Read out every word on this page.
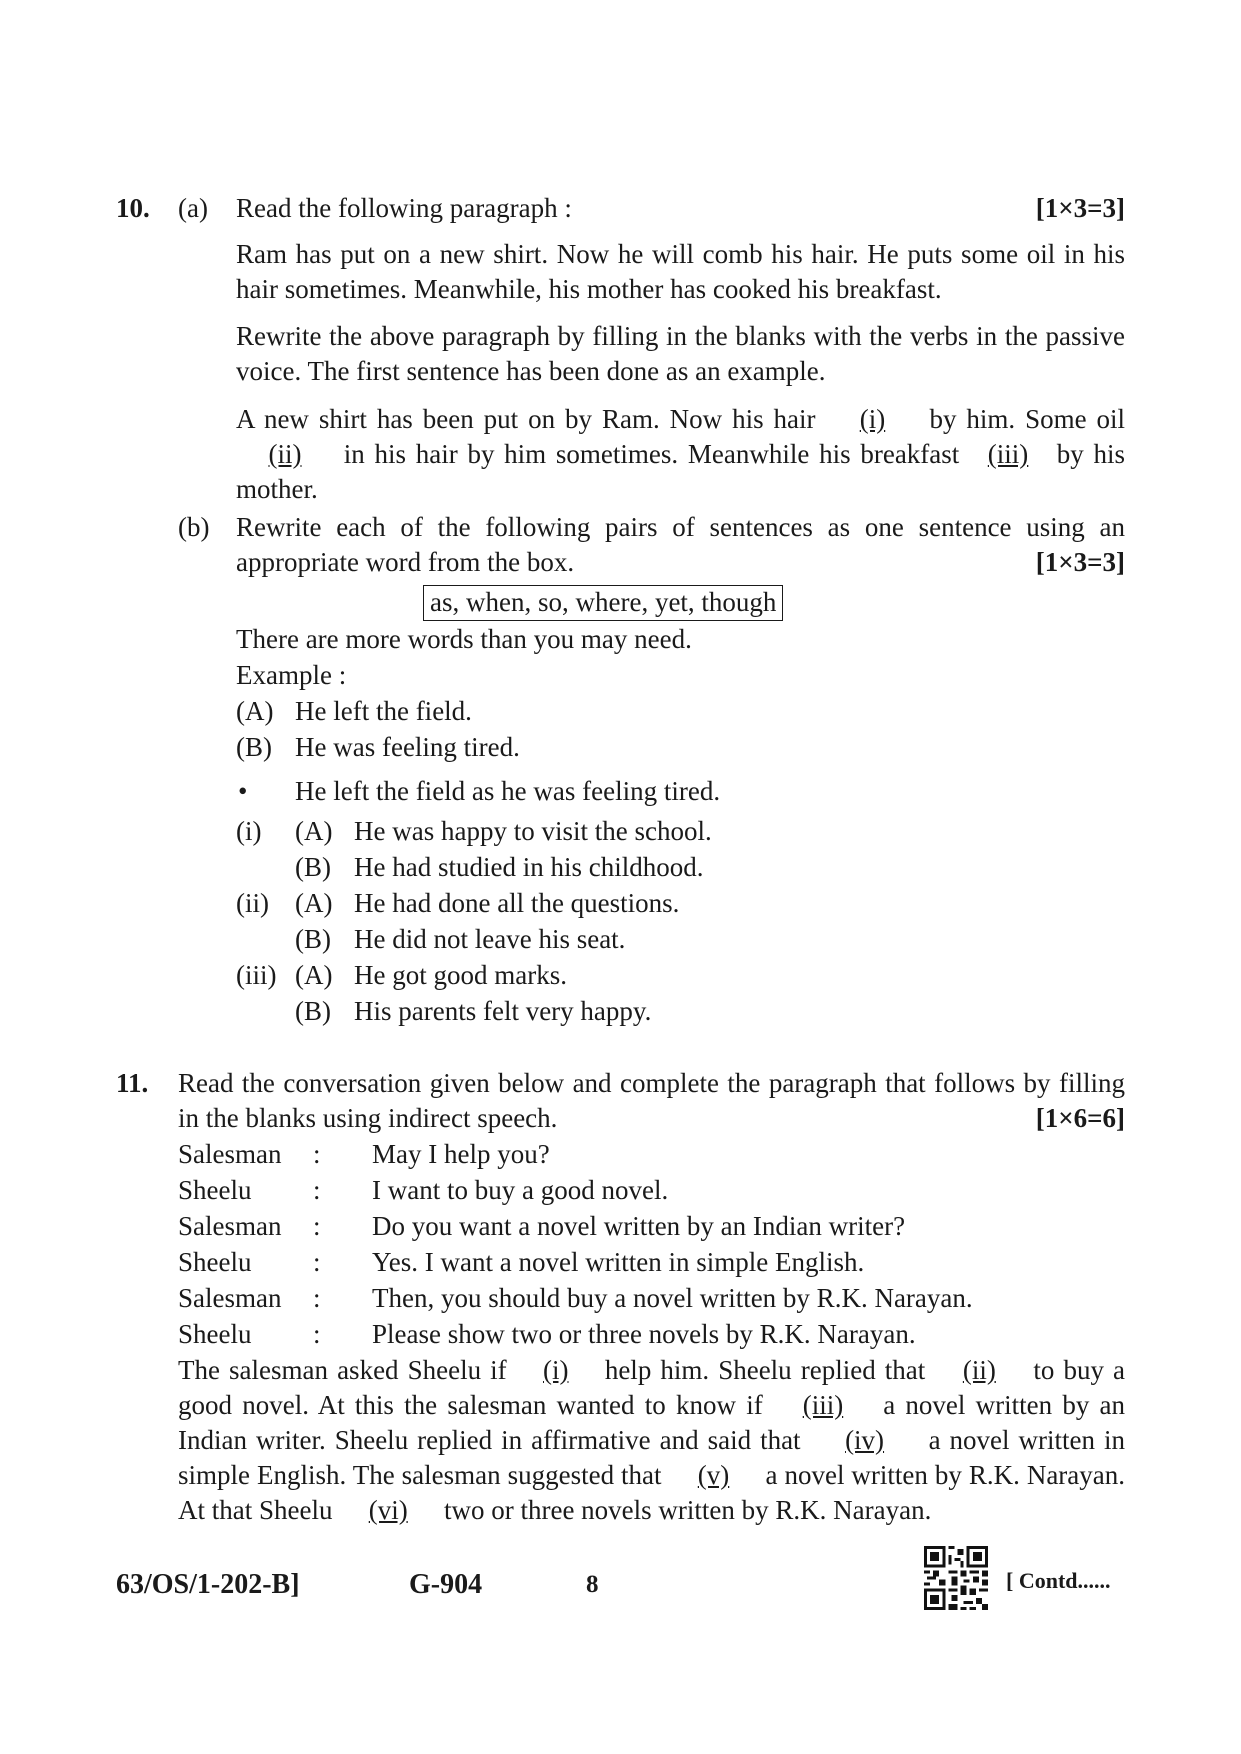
10. (a) Read the following paragraph :	[1×3=3]
Ram has put on a new shirt. Now he will comb his hair. He puts some oil in his hair sometimes. Meanwhile, his mother has cooked his breakfast.
Rewrite the above paragraph by filling in the blanks with the verbs in the passive voice. The first sentence has been done as an example.
A new shirt has been put on by Ram. Now his hair (i) by him. Some oil (ii) in his hair by him sometimes. Meanwhile his breakfast (iii) by his mother.
(b) Rewrite each of the following pairs of sentences as one sentence using an appropriate word from the box.	[1×3=3]
as, when, so, where, yet, though
There are more words than you may need.
Example :
(A) He left the field.
(B) He was feeling tired.
• He left the field as he was feeling tired.
(i) (A) He was happy to visit the school.
(B) He had studied in his childhood.
(ii) (A) He had done all the questions.
(B) He did not leave his seat.
(iii) (A) He got good marks.
(B) His parents felt very happy.
11. Read the conversation given below and complete the paragraph that follows by filling in the blanks using indirect speech.	[1×6=6]
Salesman : May I help you?
Sheelu : I want to buy a good novel.
Salesman : Do you want a novel written by an Indian writer?
Sheelu : Yes. I want a novel written in simple English.
Salesman : Then, you should buy a novel written by R.K. Narayan.
Sheelu : Please show two or three novels by R.K. Narayan.
The salesman asked Sheelu if (i) help him. Sheelu replied that (ii) to buy a good novel. At this the salesman wanted to know if (iii) a novel written by an Indian writer. Sheelu replied in affirmative and said that (iv) a novel written in simple English. The salesman suggested that (v) a novel written by R.K. Narayan. At that Sheelu (vi) two or three novels written by R.K. Narayan.
63/OS/1-202-B]	G-904	8	[ Contd......
